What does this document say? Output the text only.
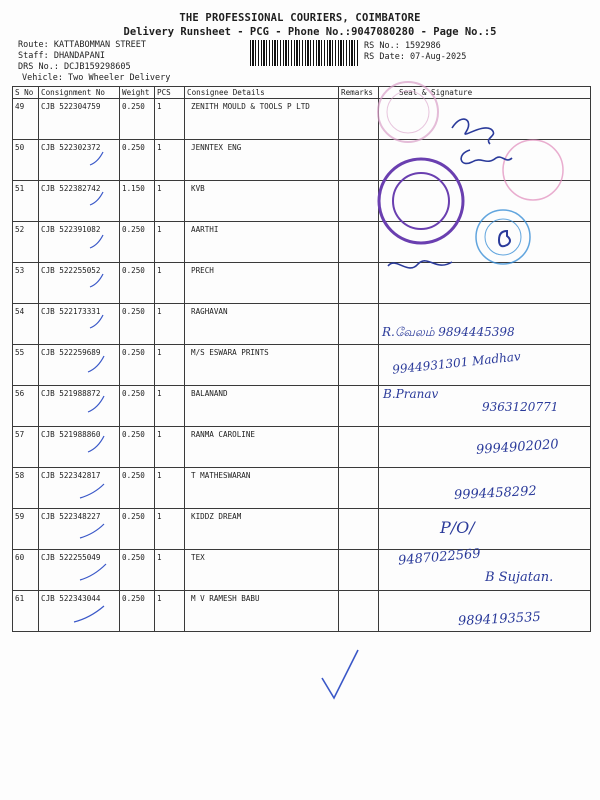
THE PROFESSIONAL COURIERS, COIMBATORE
Delivery Runsheet - PCG - Phone No.:9047080280 - Page No.:5
Route: KATTABOMMAN STREET
Staff: DHANDAPANI
DRS No.: DCJB159298605
Vehicle: Two Wheeler Delivery
RS No.: 1592986
RS Date: 07-Aug-2025
S No	Consignment No	Weight	PCS	Consignee Details	Remarks	Seal & Signature
49	CJB 522304759	0.250	1	ZENITH MOULD & TOOLS P LTD		
50	CJB 522302372	0.250	1	JENNTEX ENG		
51	CJB 522382742	1.150	1	KVB		
52	CJB 522391082	0.250	1	AARTHI		
53	CJB 522255052	0.250	1	PRECH		
54	CJB 522173331	0.250	1	RAGHAVAN		
55	CJB 522259689	0.250	1	M/S ESWARA PRINTS		
56	CJB 521988872	0.250	1	BALANAND		
57	CJB 521988860	0.250	1	RANMA CAROLINE		
58	CJB 522342817	0.250	1	T MATHESWARAN		
59	CJB 522348227	0.250	1	KIDDZ DREAM		
60	CJB 522255049	0.250	1	TEX		
61	CJB 522343044	0.250	1	M V RAMESH BABU		
R.வேலம் 9894445398
9944931301 Madhav
B.Pranav
9363120771
9994902020
9994458292
P/O/
9487022569
B Sujatan.
9894193535
